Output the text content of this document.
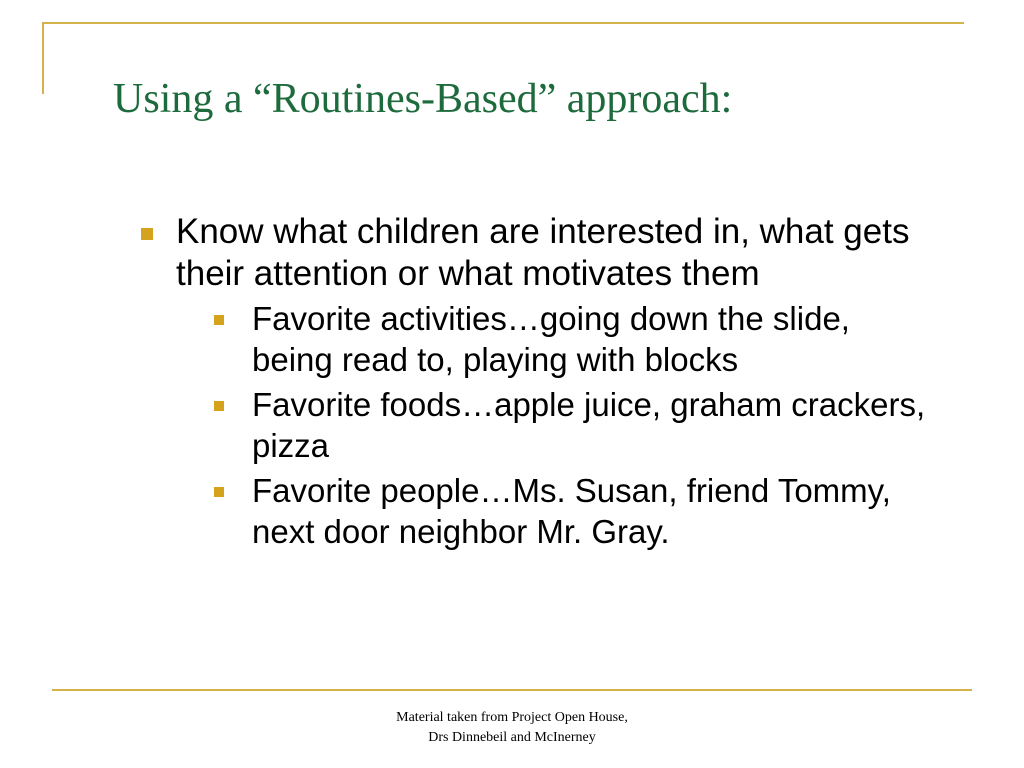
Using a “Routines-Based” approach:
Know what children are interested in, what gets their attention or what motivates them
Favorite activities…going down the slide, being read to, playing with blocks
Favorite foods…apple juice, graham crackers, pizza
Favorite people…Ms. Susan, friend Tommy, next door neighbor Mr. Gray.
Material taken from Project Open House,
Drs Dinnebeil and McInerney
